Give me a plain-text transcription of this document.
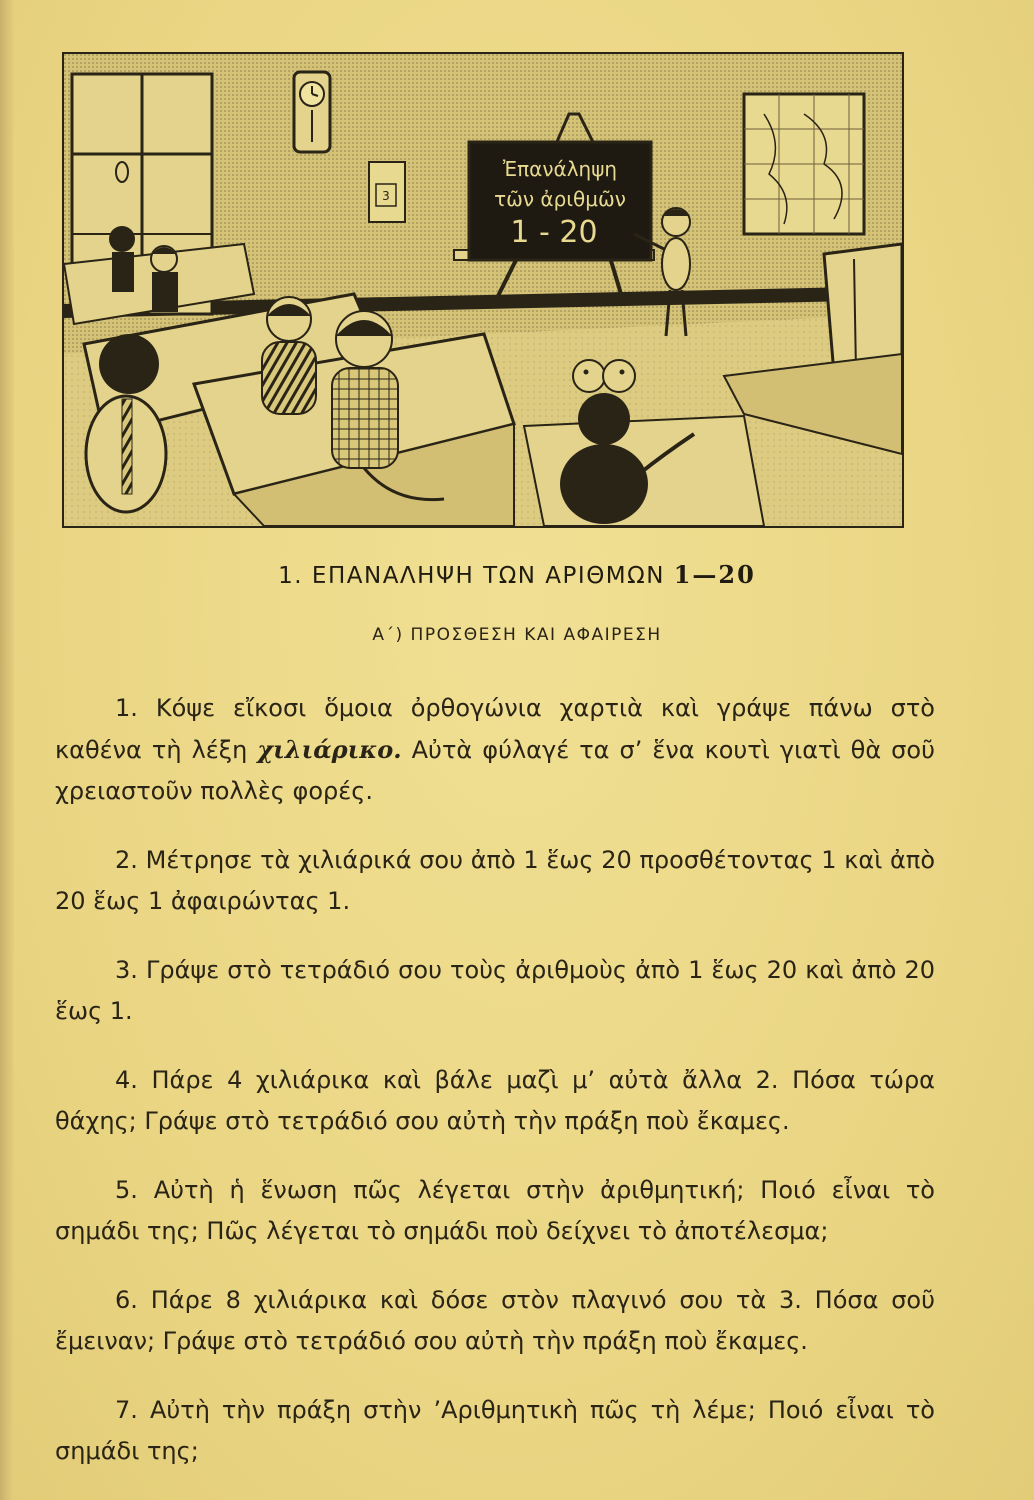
3
Ἐπανάληψη
τῶν ἀριθμῶν
1 - 20
1. ΕΠΑΝΑΛΗΨΗ ΤΩΝ ΑΡΙΘΜΩΝ 1—20
Α΄) ΠΡΟΣΘΕΣΗ ΚΑΙ ΑΦΑΙΡΕΣΗ

1. Κόψε εἴκοσι ὅμοια ὀρθογώνια χαρτιὰ καὶ γράψε πάνω στὸ καθένα τὴ λέξη χιλιάρικο. Αὐτὰ φύλαγέ τα σ’ ἕνα κουτὶ γιατὶ θὰ σοῦ χρειαστοῦν πολλὲς φορές.

2. Μέτρησε τὰ χιλιάρικά σου ἀπὸ 1 ἕως 20 προσθέτοντας 1 καὶ ἀπὸ 20 ἕως 1 ἀφαιρώντας 1.

3. Γράψε στὸ τετράδιό σου τοὺς ἀριθμοὺς ἀπὸ 1 ἕως 20 καὶ ἀπὸ 20 ἕως 1.

4. Πάρε 4 χιλιάρικα καὶ βάλε μαζὶ μ’ αὐτὰ ἄλλα 2. Πόσα τώρα θάχης; Γράψε στὸ τετράδιό σου αὐτὴ τὴν πράξη ποὺ ἔκαμες.

5. Αὐτὴ ἡ ἕνωση πῶς λέγεται στὴν ἀριθμητική; Ποιό εἶναι τὸ σημάδι της; Πῶς λέγεται τὸ σημάδι ποὺ δείχνει τὸ ἀποτέλεσμα;

6. Πάρε 8 χιλιάρικα καὶ δόσε στὸν πλαγινό σου τὰ 3. Πόσα σοῦ ἔμειναν; Γράψε στὸ τετράδιό σου αὐτὴ τὴν πράξη ποὺ ἔκαμες.

7. Αὐτὴ τὴν πράξη στὴν ’Αριθμητικὴ πῶς τὴ λέμε; Ποιό εἶναι τὸ σημάδι της;
